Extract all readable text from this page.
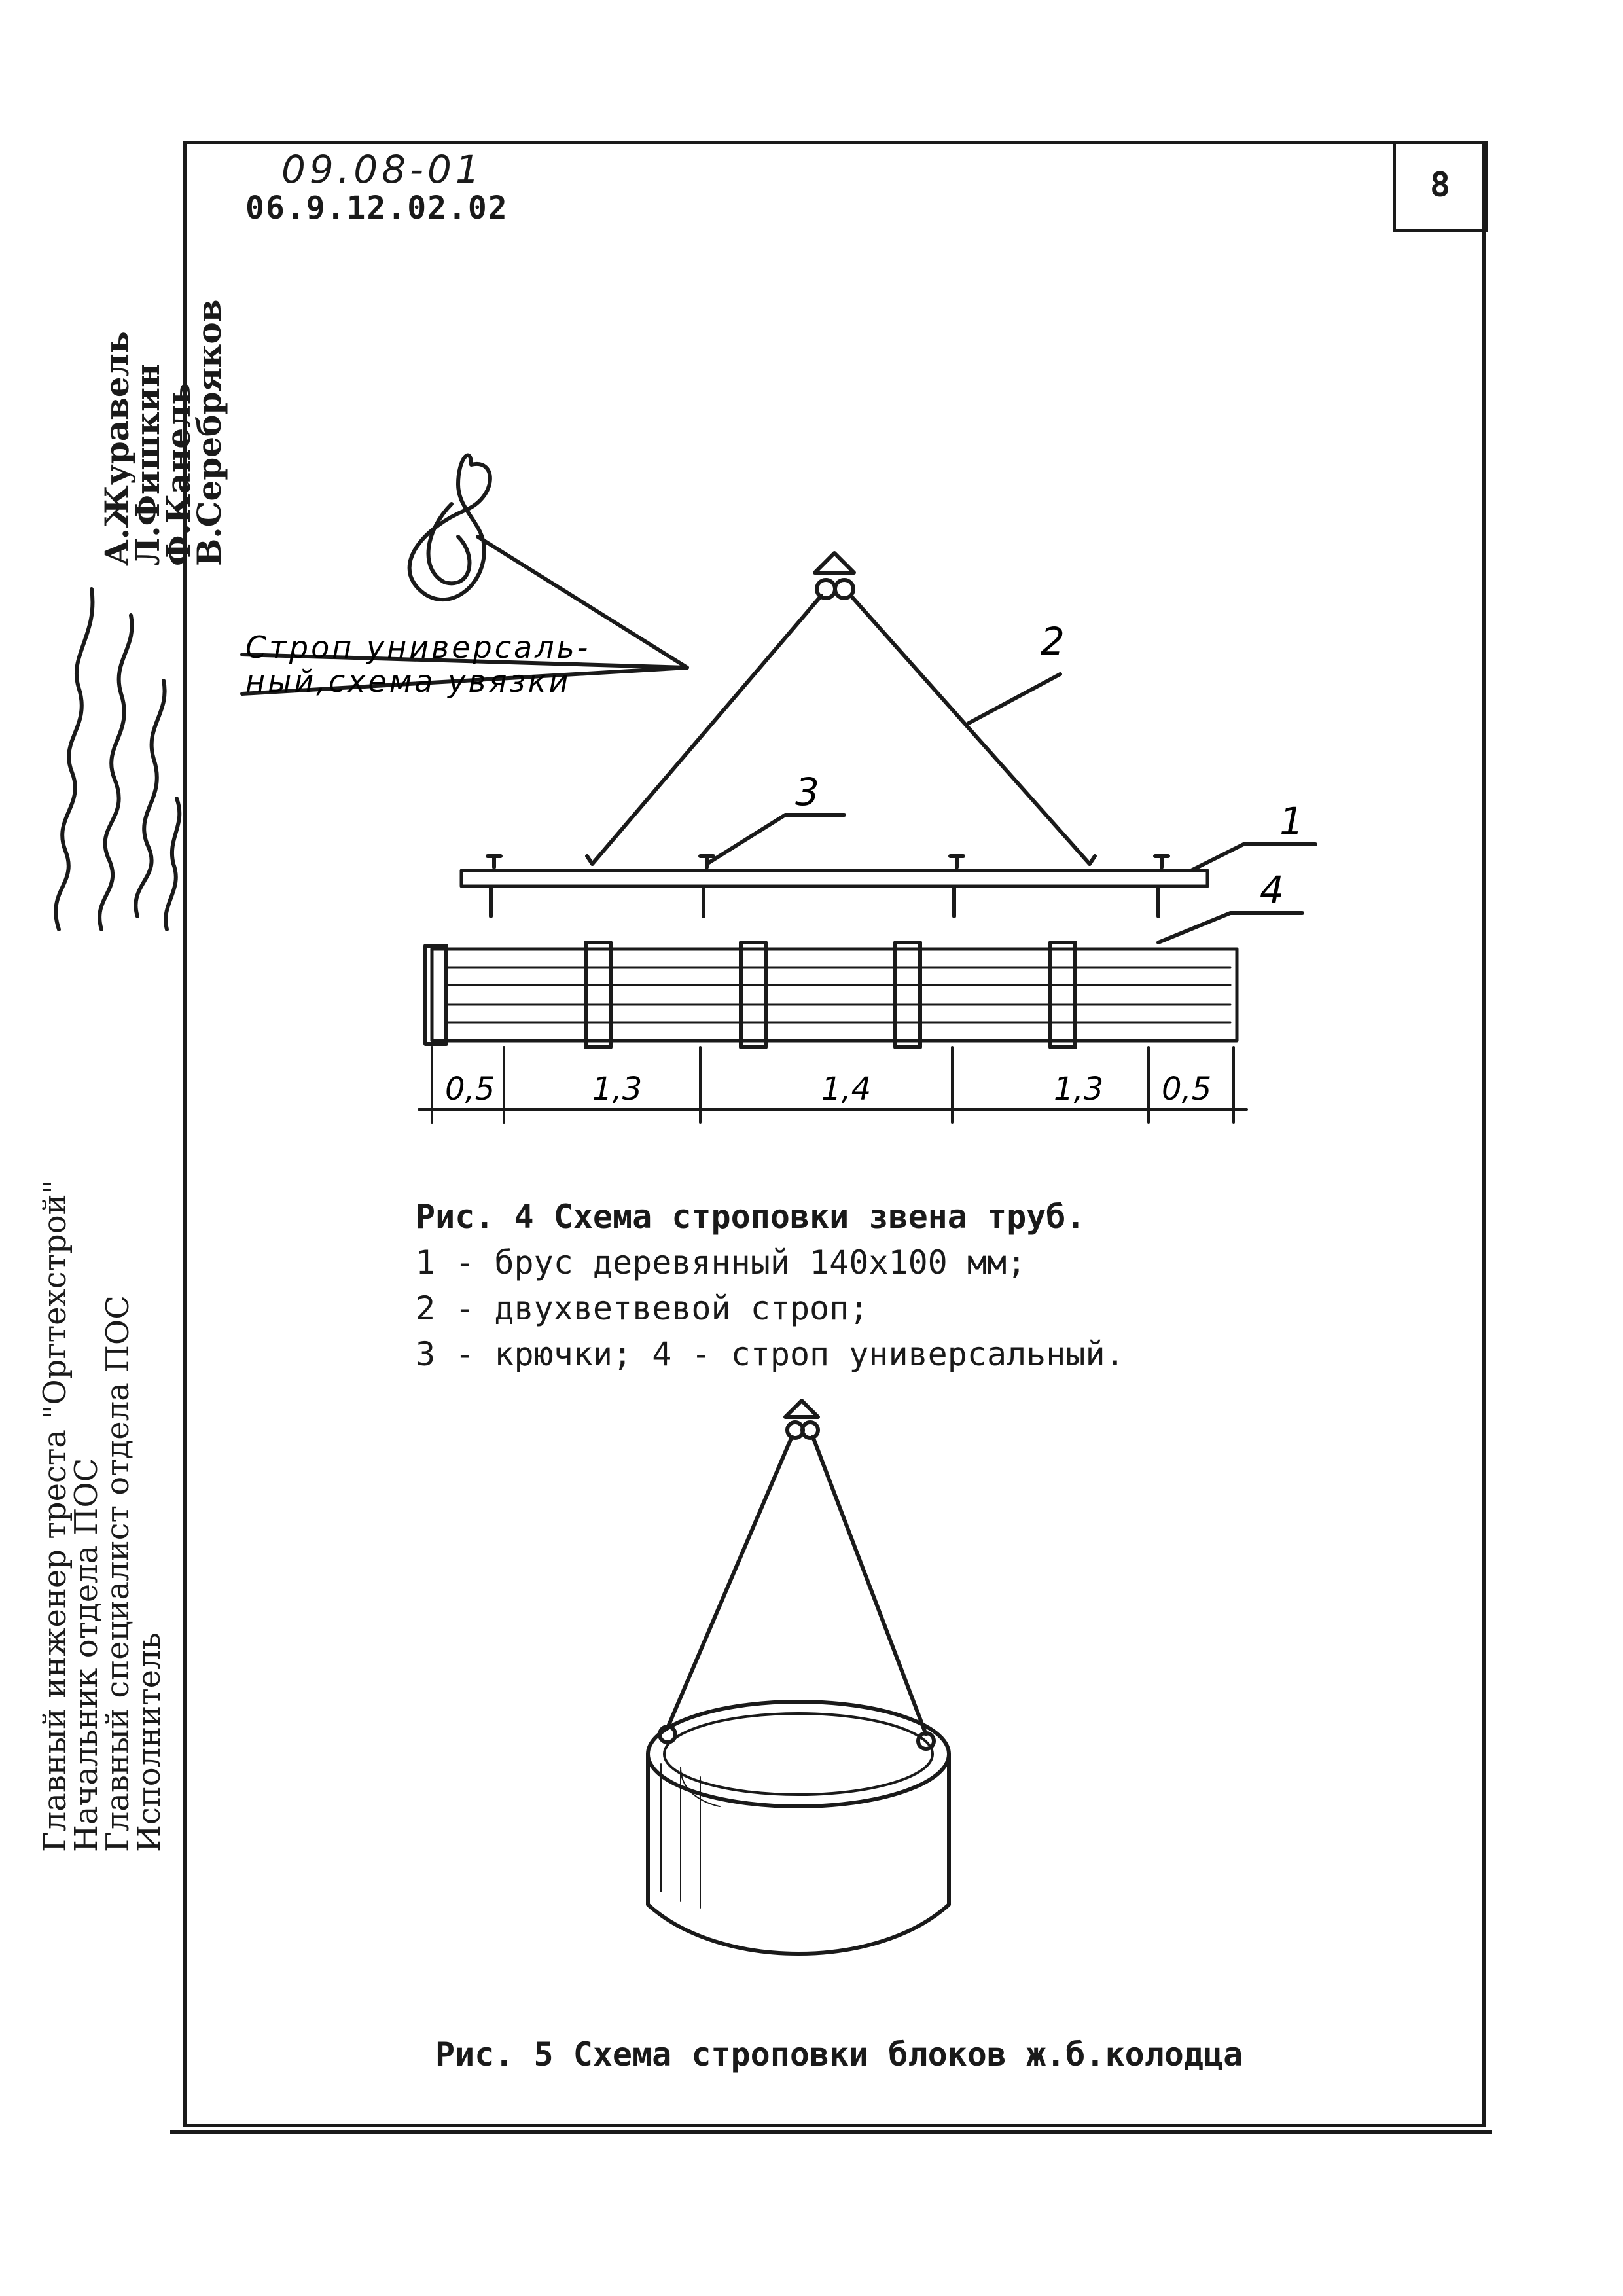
8
09.08-01
06.9.12.02.02
А.Журавель
Л.Фишкин
Ф.Канель
В.Серебряков
Главный инженер треста "Оргтехстрой"
Начальник отдела ПОС
Главный специалист отдела ПОС
Исполнитель
2
1
3
4
0,5	1,3	1,4	1,3 0,5
Строп универсаль- ный,схема увязки
Рис. 4 Схема строповки звена труб.
1 - брус деревянный 140x100 мм;
2 - двухветвевой строп;
3 - крючки; 4 - строп универсальный.
Рис. 5 Схема строповки блоков ж.б.колодца
